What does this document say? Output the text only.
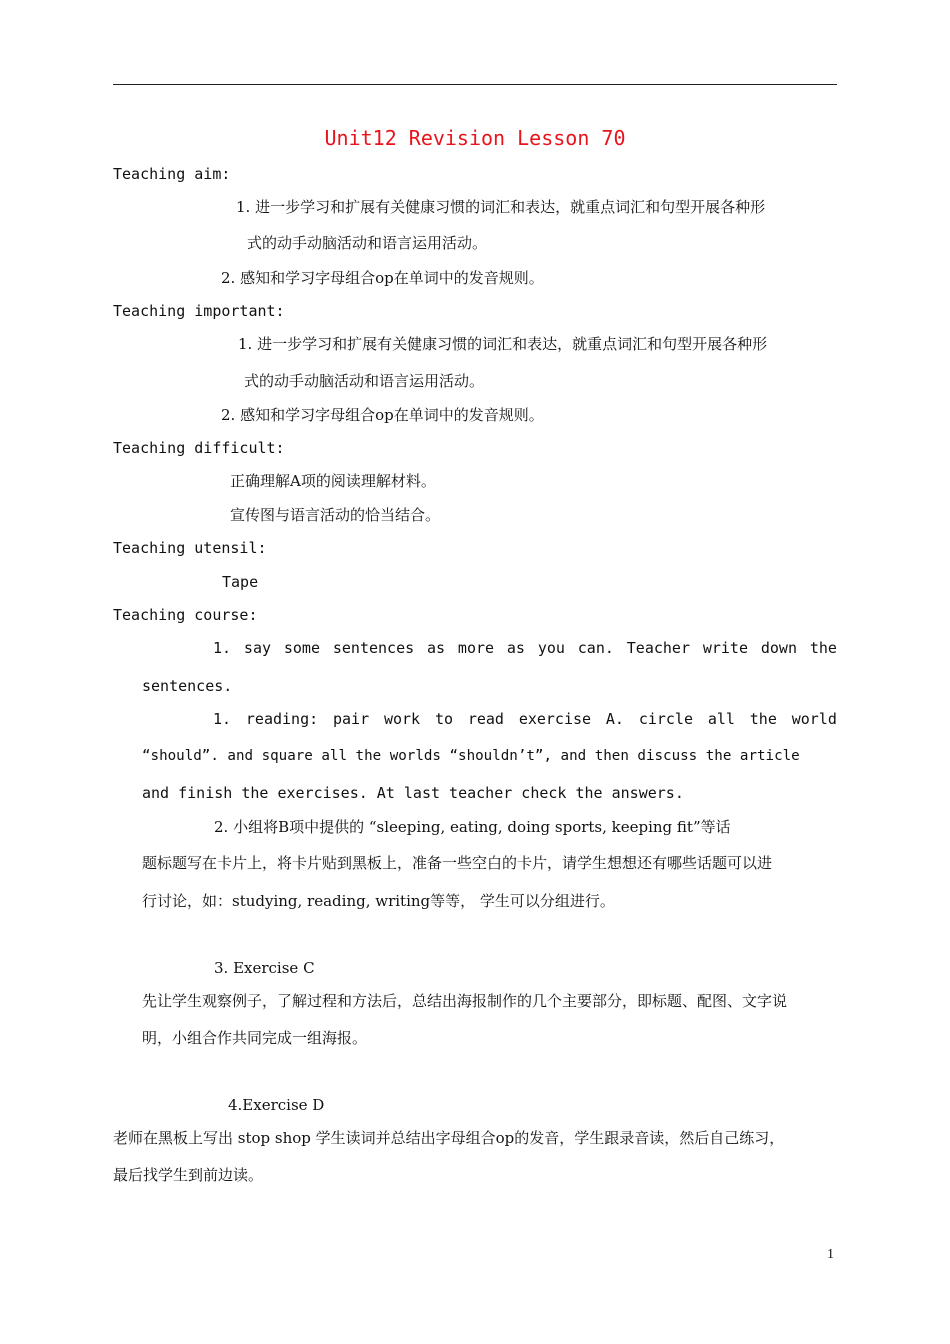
Unit12 Revision Lesson 70
Teaching aim:
1. 进一步学习和扩展有关健康习惯的词汇和表达，就重点词汇和句型开展各种形
式的动手动脑活动和语言运用活动。
2. 感知和学习字母组合op在单词中的发音规则。
Teaching important:
1. 进一步学习和扩展有关健康习惯的词汇和表达，就重点词汇和句型开展各种形
式的动手动脑活动和语言运用活动。
2. 感知和学习字母组合op在单词中的发音规则。
Teaching difficult:
正确理解A项的阅读理解材料。
宣传图与语言活动的恰当结合。
Teaching utensil:
Tape
Teaching course:
1. say some sentences as more as you can. Teacher write down the
sentences.
1. reading: pair work to read exercise A. circle all the world
“should”. and square all the worlds “shouldn’t”, and then discuss the article
and finish the exercises. At last teacher check the answers.
2. 小组将B项中提供的 “sleeping, eating, doing sports, keeping fit”等话
题标题写在卡片上，将卡片贴到黑板上，准备一些空白的卡片，请学生想想还有哪些话题可以进
行讨论，如：studying, reading, writing等等， 学生可以分组进行。
3. Exercise C
先让学生观察例子，了解过程和方法后，总结出海报制作的几个主要部分，即标题、配图、文字说
明，小组合作共同完成一组海报。
4.Exercise D
老师在黑板上写出 stop shop 学生读词并总结出字母组合op的发音，学生跟录音读，然后自己练习，
最后找学生到前边读。
1
